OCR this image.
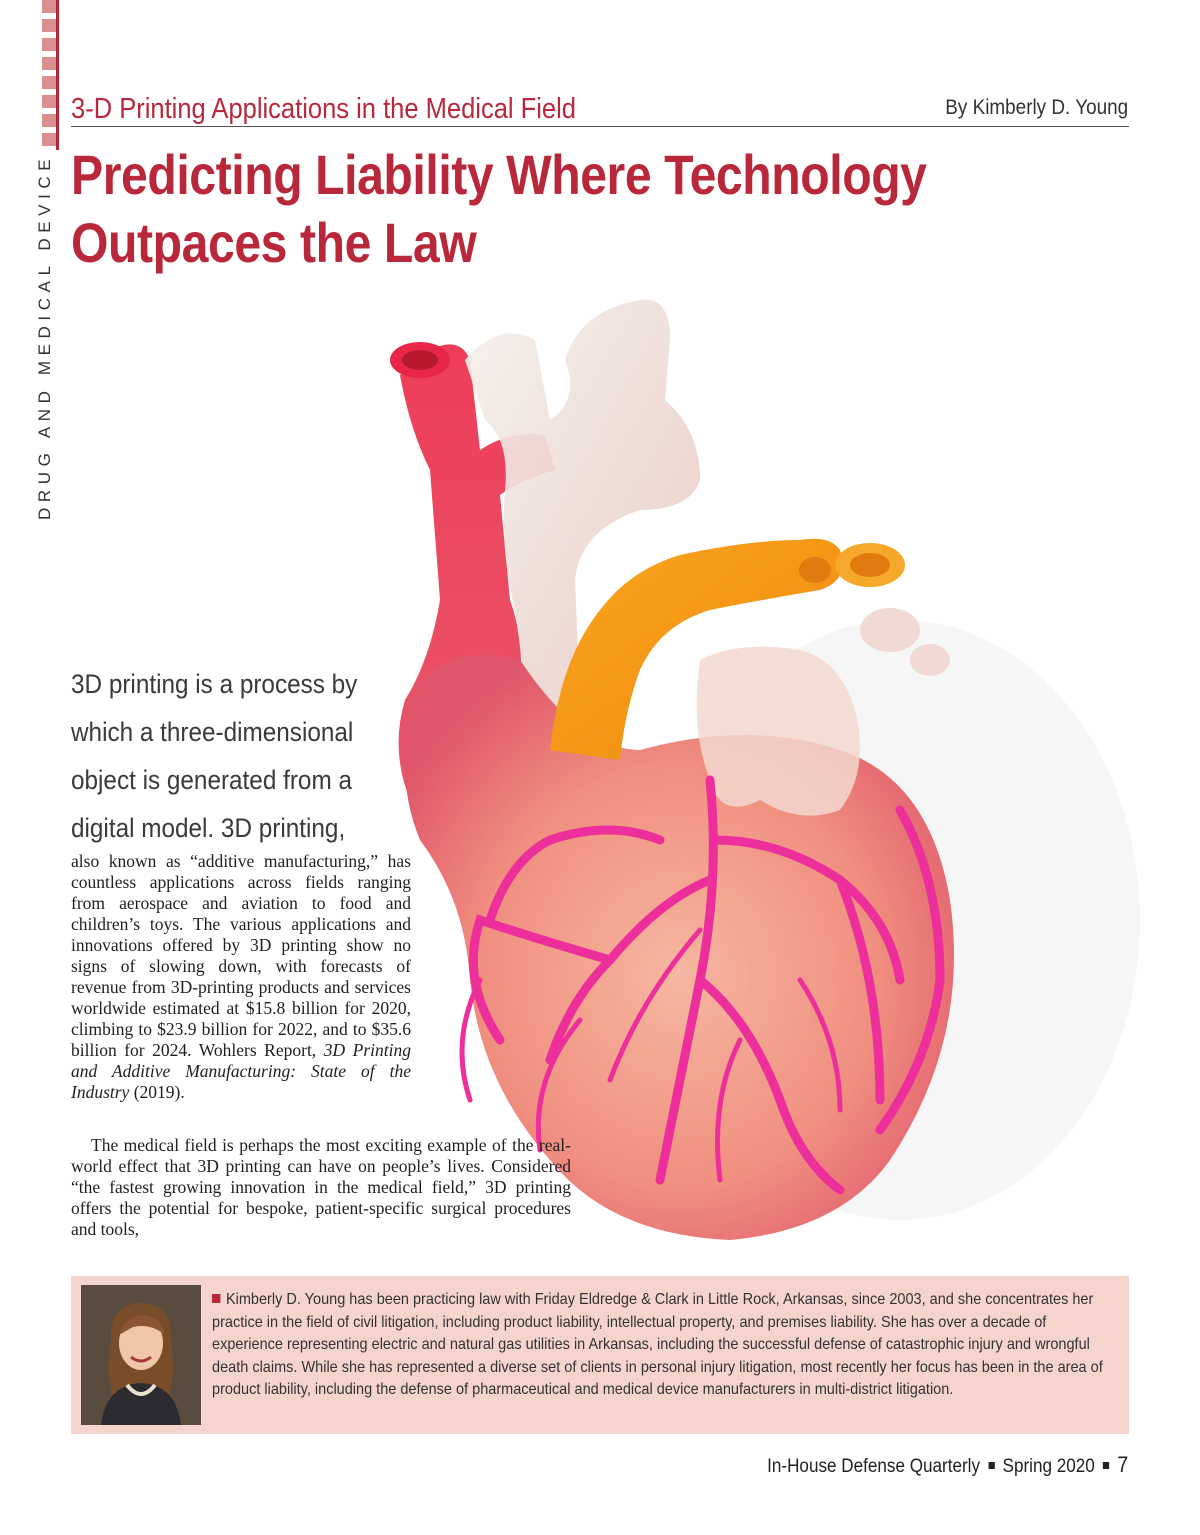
DRUG AND MEDICAL DEVICE
3-D Printing Applications in the Medical Field	By Kimberly D. Young
Predicting Liability Where Technology
Outpaces the Law

3D printing is a process by which a three-dimensional object is generated from a digital model. 3D printing,

also known as “additive manufacturing,” has countless applications across fields ranging from aerospace and aviation to food and children’s toys. The various applications and innovations offered by 3D printing show no signs of slowing down, with forecasts of revenue from 3D-printing products and services worldwide estimated at $15.8 billion for 2020, climbing to $23.9 billion for 2022, and to $35.6 billion for 2024. Wohlers Report, 3D Printing and Additive Manufacturing: State of the Industry (2019).

The medical field is perhaps the most exciting example of the real-world effect that 3D printing can have on people’s lives. Considered “the fastest growing innovation in the medical field,” 3D printing offers the potential for bespoke, patient-specific surgical procedures and tools,

Kimberly D. Young has been practicing law with Friday Eldredge & Clark in Little Rock, Arkansas, since 2003, and she concentrates her practice in the field of civil litigation, including product liability, intellectual property, and premises liability. She has over a decade of experience representing electric and natural gas utilities in Arkansas, including the successful defense of catastrophic injury and wrongful death claims. While she has represented a diverse set of clients in personal injury litigation, most recently her focus has been in the area of product liability, including the defense of pharmaceutical and medical device manufacturers in multi-district litigation.

In-House Defense Quarterly Spring 2020 7
